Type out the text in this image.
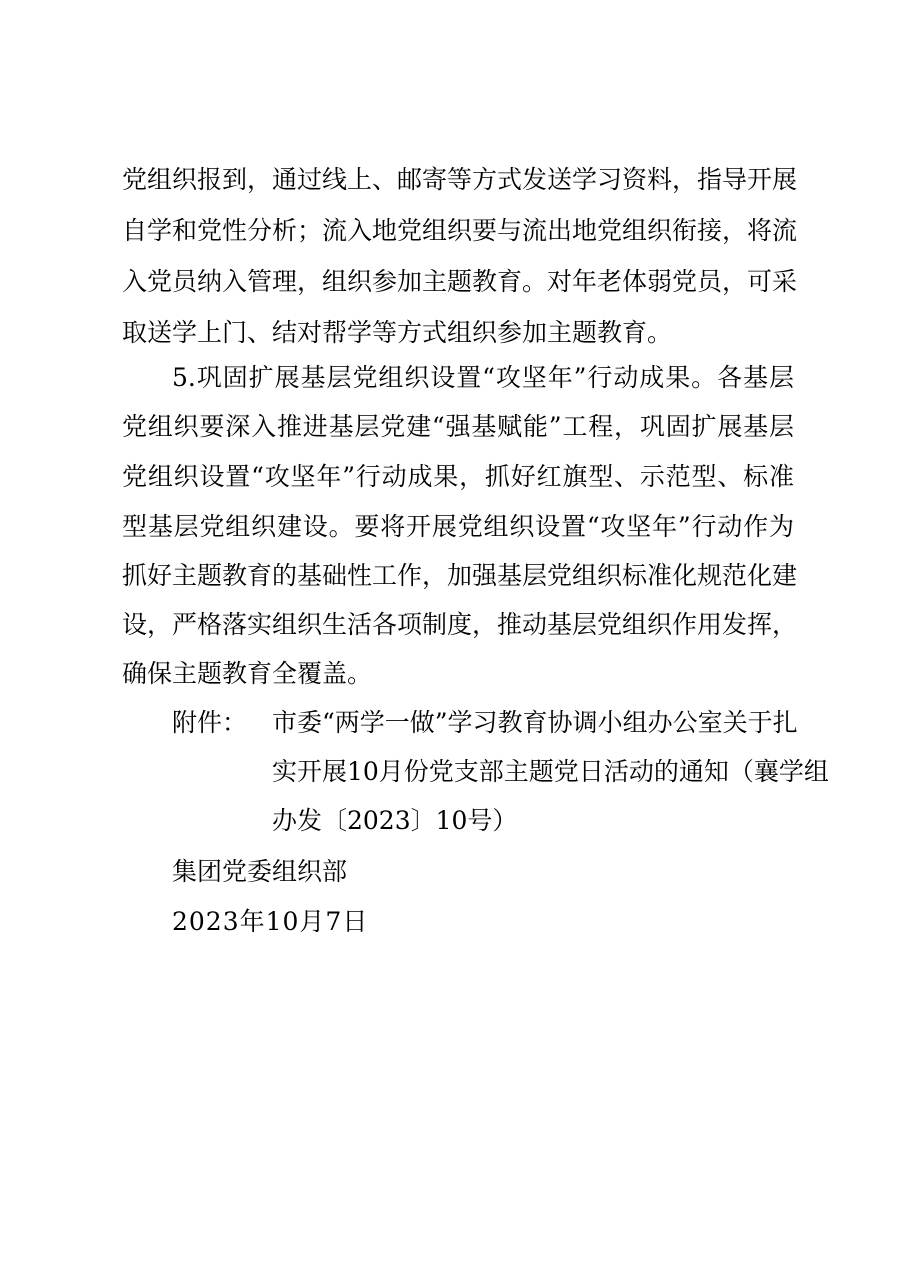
党组织报到，通过线上、邮寄等方式发送学习资料，指导开展
自学和党性分析；流入地党组织要与流出地党组织衔接，将流
入党员纳入管理，组织参加主题教育。对年老体弱党员，可采
取送学上门、结对帮学等方式组织参加主题教育。
5.巩固扩展基层党组织设置“攻坚年”行动成果。各基层
党组织要深入推进基层党建“强基赋能”工程，巩固扩展基层
党组织设置“攻坚年”行动成果，抓好红旗型、示范型、标准
型基层党组织建设。要将开展党组织设置“攻坚年”行动作为
抓好主题教育的基础性工作，加强基层党组织标准化规范化建
设，严格落实组织生活各项制度，推动基层党组织作用发挥，
确保主题教育全覆盖。
附件： 市委“两学一做”学习教育协调小组办公室关于扎
实开展10月份党支部主题党日活动的通知（襄学组
办发〔2023〕10号）
集团党委组织部
2023年10月7日
